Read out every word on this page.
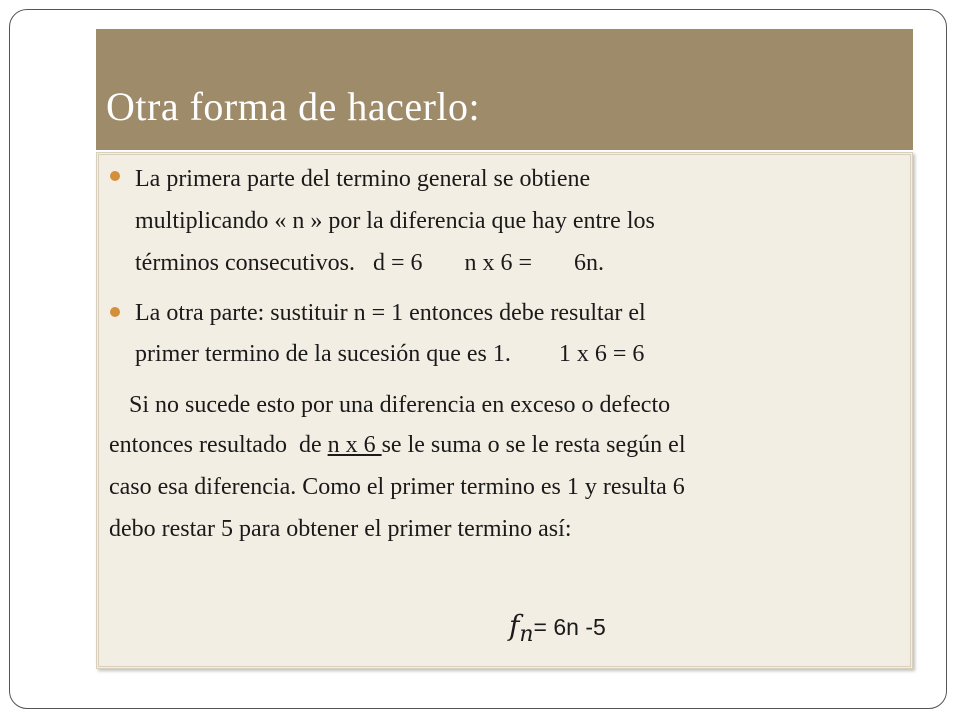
Otra forma de hacerlo:
La primera parte del termino general se obtiene
multiplicando « n » por la diferencia que hay entre los
términos consecutivos.   d = 6       n x 6 =       6n.
La otra parte: sustituir n = 1 entonces debe resultar el
primer termino de la sucesión que es 1.        1 x 6 = 6
Si no sucede esto por una diferencia en exceso o defecto
entonces resultado  de n x 6 se le suma o se le resta según el
caso esa diferencia. Como el primer termino es 1 y resulta 6
debo restar 5 para obtener el primer termino así:
fn= 6n -5
